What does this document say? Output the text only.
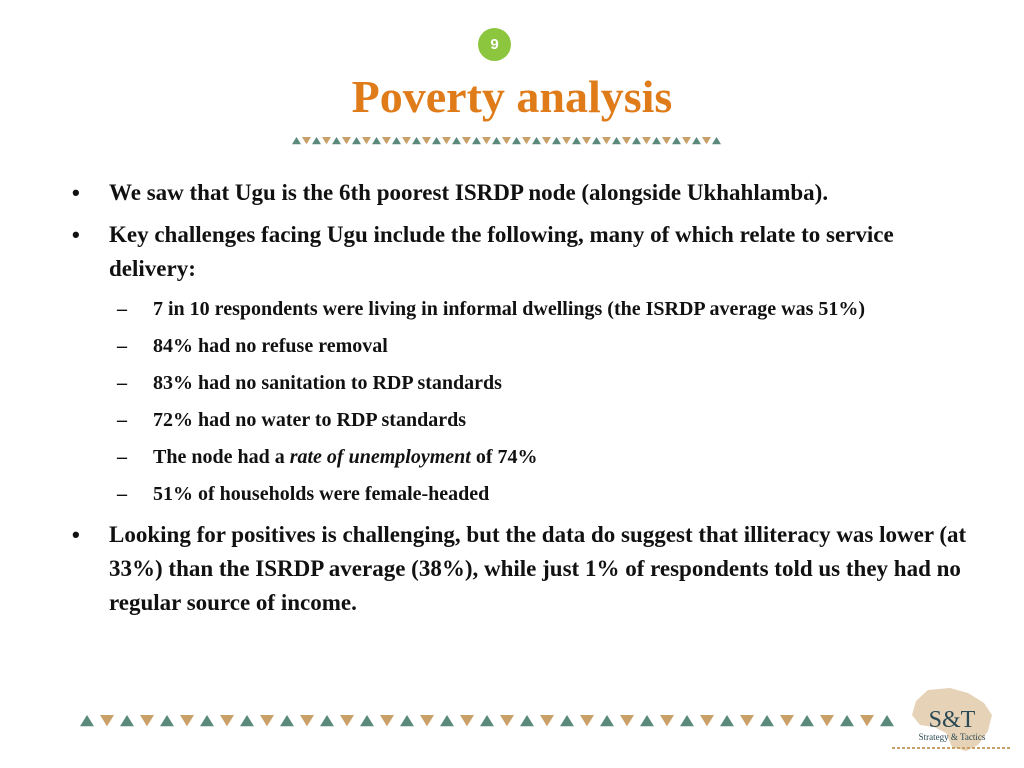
9
Poverty analysis
• We saw that Ugu is the 6th poorest ISRDP node (alongside Ukhahlamba).
• Key challenges facing Ugu include the following, many of which relate to service delivery:
– 7 in 10 respondents were living in informal dwellings (the ISRDP average was 51%)
– 84% had no refuse removal
– 83% had no sanitation to RDP standards
– 72% had no water to RDP standards
– The node had a rate of unemployment of 74%
– 51% of households were female-headed
• Looking for positives is challenging, but the data do suggest that illiteracy was lower (at 33%) than the ISRDP average (38%), while just 1% of respondents told us they had no regular source of income.
S&T
Strategy & Tactics
